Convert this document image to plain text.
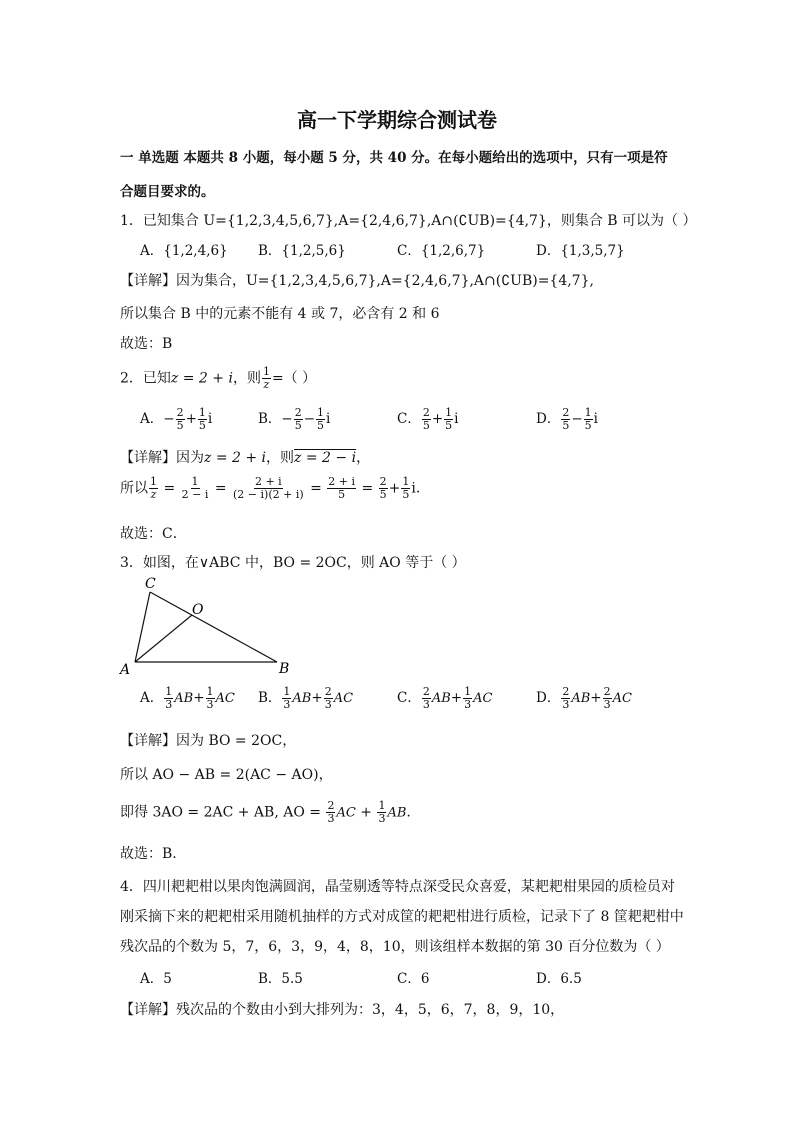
高一下学期综合测试卷
一 单选题 本题共 8 小题，每小题 5 分，共 40 分。在每小题给出的选项中，只有一项是符
合题目要求的。
1．已知集合 U={1,2,3,4,5,6,7},A={2,4,6,7},A∩(∁UB)={4,7}，则集合 B 可以为（ ）
A．{1,2,4,6} B．{1,2,5,6}	C．{1,2,6,7}	D．{1,3,5,7}
【详解】因为集合，U={1,2,3,4,5,6,7},A={2,4,6,7},A∩(∁UB)={4,7},
所以集合 B 中的元素不能有 4 或 7，必含有 2 和 6
故选：B
2．已知z = 2 + i，则 $\frac{1}{z}$ =（ ）
A．− $\frac{2}{5} + \frac{1}{5}$ i	B．− $\frac{2}{5} - \frac{1}{5}$ i	C． $\frac{2}{5} + \frac{1}{5}$ i	D． $\frac{2}{5} - \frac{1}{5}$ i
【详解】因为z = 2 + i，则z = 2 − i，
所以 $\frac{1}{z} = \frac{1}{2 - i} = \frac{2 + i}{(2 - i)(2 + i)} = \frac{2 + i}{5} = \frac{2}{5} + \frac{1}{5} i$.
故选：C．
3．如图，在∨ABC 中，BO = 2OC，则 AO 等于（ ）
C
O
A	B
A． $\frac{1}{3} AB+ \frac{1}{3}$ AC B． $\frac{1}{3} AB+ \frac{2}{3}$ AC	C． $\frac{2}{3} AB+ \frac{1}{3}$ AC	D． $\frac{2}{3} AB+ \frac{2}{3}$ AC
【详解】因为 BO = 2OC，
所以 AO − AB = 2(AC − AO)，
即得 3AO = 2AC + AB, AO = $\frac{2}{3}$ AC + $\frac{1}{3}$ AB.
故选：B.
4．四川耙耙柑以果肉饱满圆润，晶莹剔透等特点深受民众喜爱，某耙耙柑果园的质检员对
刚采摘下来的耙耙柑采用随机抽样的方式对成筐的耙耙柑进行质检，记录下了 8 筐耙耙柑中
残次品的个数为 5，7，6，3，9，4，8，10，则该组样本数据的第 30 百分位数为（ ）
A．5	B．5.5	C．6	D．6.5
【详解】残次品的个数由小到大排列为：3，4，5，6，7，8，9，10，
